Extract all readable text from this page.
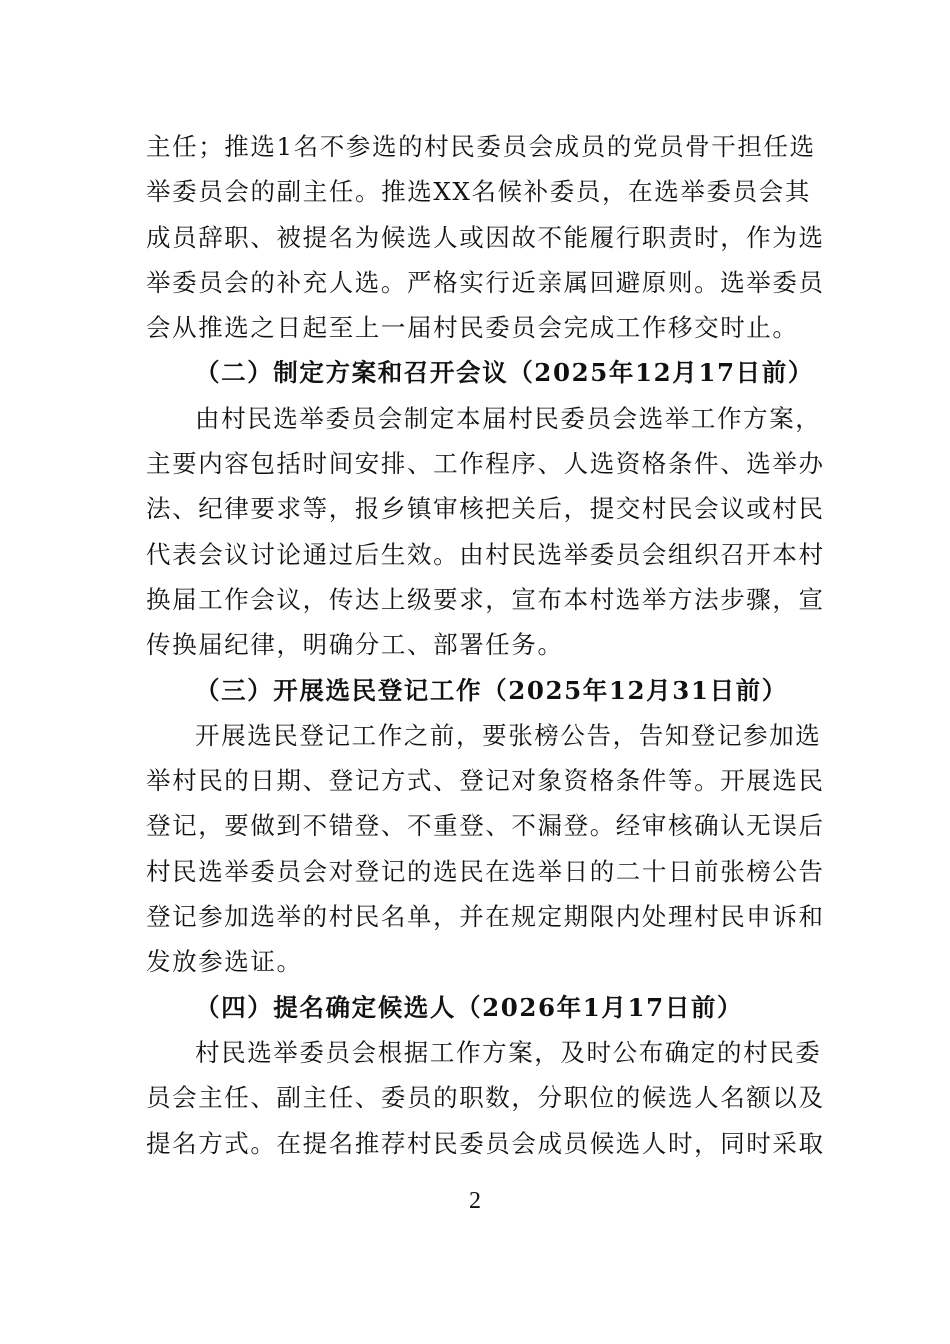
主任；推选1名不参选的村民委员会成员的党员骨干担任选
举委员会的副主任。推选XX名候补委员，在选举委员会其
成员辞职、被提名为候选人或因故不能履行职责时，作为选
举委员会的补充人选。严格实行近亲属回避原则。选举委员
会从推选之日起至上一届村民委员会完成工作移交时止。
（二）制定方案和召开会议（2025年12月17日前）
由村民选举委员会制定本届村民委员会选举工作方案，
主要内容包括时间安排、工作程序、人选资格条件、选举办
法、纪律要求等，报乡镇审核把关后，提交村民会议或村民
代表会议讨论通过后生效。由村民选举委员会组织召开本村
换届工作会议，传达上级要求，宣布本村选举方法步骤，宣
传换届纪律，明确分工、部署任务。
（三）开展选民登记工作（2025年12月31日前）
开展选民登记工作之前，要张榜公告，告知登记参加选
举村民的日期、登记方式、登记对象资格条件等。开展选民
登记，要做到不错登、不重登、不漏登。经审核确认无误后
村民选举委员会对登记的选民在选举日的二十日前张榜公告
登记参加选举的村民名单，并在规定期限内处理村民申诉和
发放参选证。
（四）提名确定候选人（2026年1月17日前）
村民选举委员会根据工作方案，及时公布确定的村民委
员会主任、副主任、委员的职数，分职位的候选人名额以及
提名方式。在提名推荐村民委员会成员候选人时，同时采取
2
